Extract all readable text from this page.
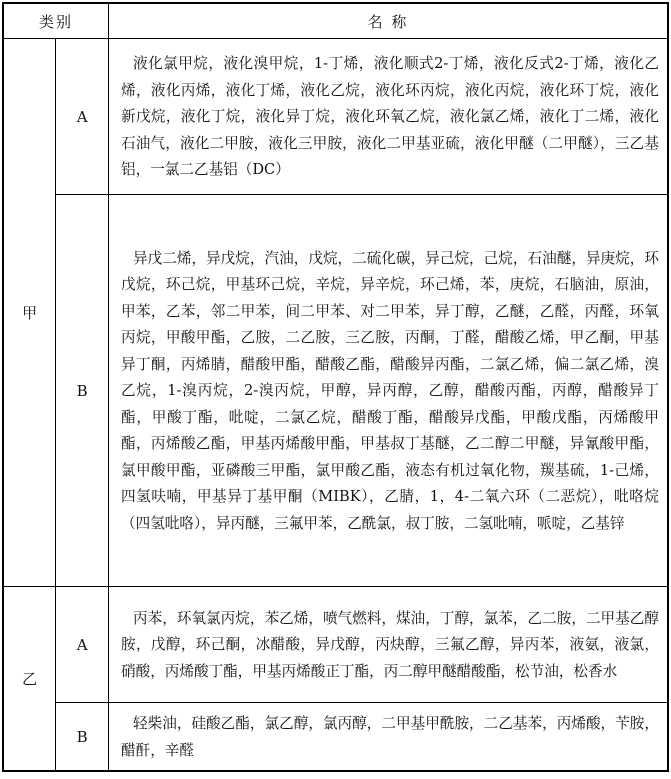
类别		名 称
甲	A	液化氯甲烷，液化溴甲烷，1-丁烯，液化顺式2-丁烯，液化反式2-丁烯，液化乙烯，液化丙烯，液化丁烯，液化乙烷，液化环丙烷，液化丙烷，液化环丁烷，液化新戊烷，液化丁烷，液化异丁烷，液化环氧乙烷，液化氯乙烯，液化丁二烯，液化石油气，液化二甲胺，液化三甲胺，液化二甲基亚硫，液化甲醚（二甲醚），三乙基铝，一氯二乙基铝（DC）
	B	异戊二烯，异戊烷，汽油，戊烷，二硫化碳，异己烷，己烷，石油醚，异庚烷，环戊烷，环己烷，甲基环己烷，辛烷，异辛烷，环己烯，苯，庚烷，石脑油，原油，甲苯，乙苯，邻二甲苯，间二甲苯、对二甲苯，异丁醇，乙醚，乙醛，丙醛，环氧丙烷，甲酸甲酯，乙胺，二乙胺，三乙胺，丙酮，丁醛，醋酸乙烯，甲乙酮，甲基异丁酮，丙烯腈，醋酸甲酯，醋酸乙酯，醋酸异丙酯，二氯乙烯，偏二氯乙烯，溴乙烷，1-溴丙烷，2-溴丙烷，甲醇，异丙醇，乙醇，醋酸丙酯，丙醇，醋酸异丁酯，甲酸丁酯，吡啶，二氯乙烷，醋酸丁酯，醋酸异戊酯，甲酸戊酯，丙烯酸甲酯，丙烯酸乙酯，甲基丙烯酸甲酯，甲基叔丁基醚，乙二醇二甲醚，异氰酸甲酯，氯甲酸甲酯，亚磷酸三甲酯，氯甲酸乙酯，液态有机过氧化物，羰基硫，1-己烯，四氢呋喃，甲基异丁基甲酮（MIBK），乙腈，1，4-二氧六环（二恶烷），吡咯烷（四氢吡咯），异丙醚，三氟甲苯，乙酰氯，叔丁胺，二氢吡喃，哌啶，乙基锌
乙	A	丙苯，环氧氯丙烷，苯乙烯，喷气燃料，煤油，丁醇，氯苯，乙二胺，二甲基乙醇胺，戊醇，环己酮，冰醋酸，异戊醇，丙炔醇，三氟乙醇，异丙苯，液氨，液氯，硝酸，丙烯酸丁酯，甲基丙烯酸正丁酯，丙二醇甲醚醋酸酯，松节油，松香水
	B	轻柴油，硅酸乙酯，氯乙醇，氯丙醇，二甲基甲酰胺，二乙基苯，丙烯酸，苄胺，醋酐，辛醛
